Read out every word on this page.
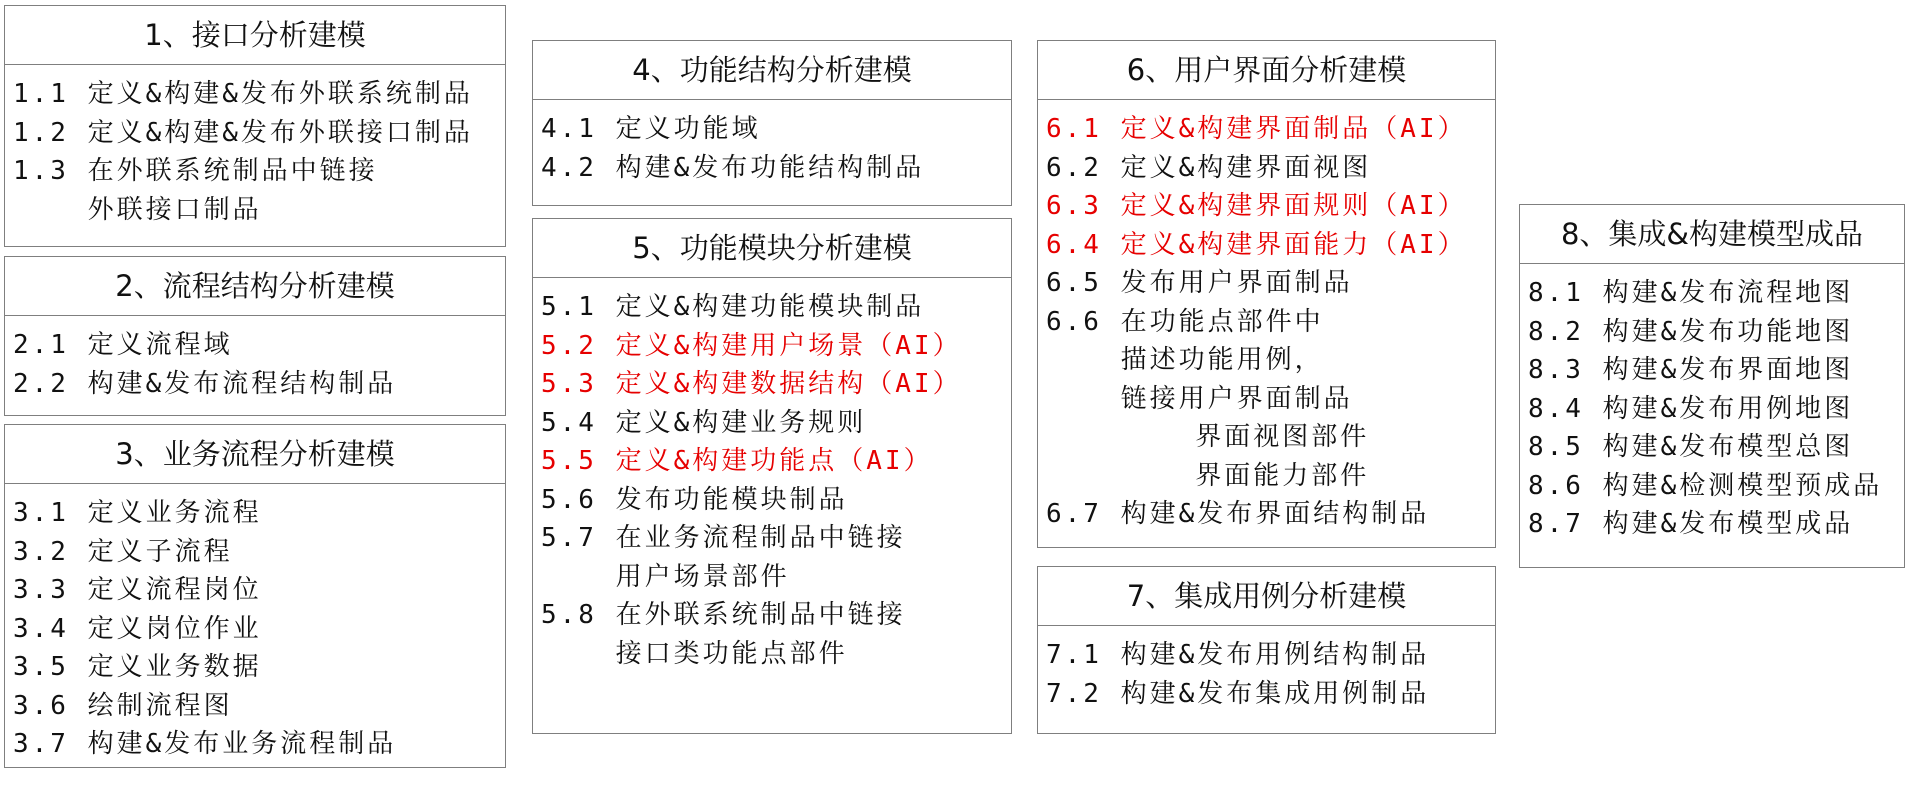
1、接口分析建模
1.1 定义&构建&发布外联系统制品
1.2 定义&构建&发布外联接口制品
1.3 在外联系统制品中链接
外联接口制品
2、流程结构分析建模
2.1 定义流程域
2.2 构建&发布流程结构制品
3、业务流程分析建模
3.1 定义业务流程
3.2 定义子流程
3.3 定义流程岗位
3.4 定义岗位作业
3.5 定义业务数据
3.6 绘制流程图
3.7 构建&发布业务流程制品
4、功能结构分析建模
4.1 定义功能域
4.2 构建&发布功能结构制品
5、功能模块分析建模
5.1 定义&构建功能模块制品
5.2 定义&构建用户场景（AI）
5.3 定义&构建数据结构（AI）
5.4 定义&构建业务规则
5.5 定义&构建功能点（AI）
5.6 发布功能模块制品
5.7 在业务流程制品中链接
用户场景部件
5.8 在外联系统制品中链接
接口类功能点部件
6、用户界面分析建模
6.1 定义&构建界面制品（AI）
6.2 定义&构建界面视图
6.3 定义&构建界面规则（AI）
6.4 定义&构建界面能力（AI）
6.5 发布用户界面制品
6.6 在功能点部件中
描述功能用例，
链接用户界面制品
界面视图部件
界面能力部件
6.7 构建&发布界面结构制品
7、集成用例分析建模
7.1 构建&发布用例结构制品
7.2 构建&发布集成用例制品
8、集成&构建模型成品
8.1 构建&发布流程地图
8.2 构建&发布功能地图
8.3 构建&发布界面地图
8.4 构建&发布用例地图
8.5 构建&发布模型总图
8.6 构建&检测模型预成品
8.7 构建&发布模型成品
